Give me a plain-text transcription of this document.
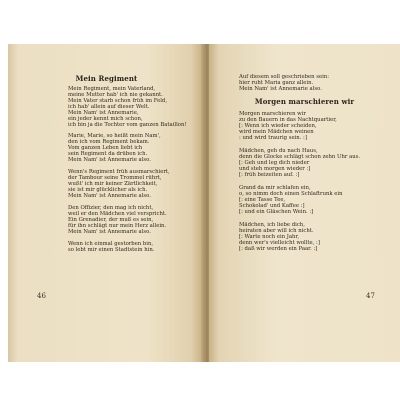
Mein Regiment
Mein Regiment, mein Vaterland,
meine Mutter hab' ich nie gekannt.
Mein Vater starb schon früh im Feld,
ich hab' allein auf dieser Welt.
Mein Nam' ist Annemarie,
ein jeder kennt mich schon,
ich bin ja die Tochter vom ganzen Bataillon!
Marie, Marie, so heißt mein Nam',
den ich vom Regiment bekam.
Vom ganzen Leben liebt ich
sein Regiment da drüben ich.
Mein Nam' ist Annemarie also.
Wenn's Regiment früh ausmarschiert,
der Tambour seine Trommel rührt,
wußt' ich mir keiner Zärtlichkeit,
sie ist mir glücklicher als ich.
Mein Nam' ist Annemarie also.
Den Offizier, den mag ich nicht,
weil er den Mädchen viel verspricht.
Ein Grenadier, der muß es sein,
für ihn schlägt nur mein Herz allein.
Mein Nam' ist Annemarie also.
Wenn ich einmal gestorben bin,
so lebt mir einen Stadtstein hin.
46
Auf diesem soll geschrieben sein:
hier ruht Maria ganz allein.
Mein Nam' ist Annemarie also.
Morgen marschieren wir
Morgen marschieren wir
zu den Bauern in das Nachtquartier,
[: Wenn ich wieder scheiden,
wird mein Mädchen weinen
: und wird traurig sein. :]
Mädchen, geh du nach Haus,
denn die Glocke schlägt schon zehn Uhr aus.
[: Geh und leg dich nieder
und steh morgen wieder :]
[: früh beizeiten auf. :]
Grand da mir schlafen ein,
o, so nimm doch einen Schlaftrunk ein
[: eine Tasse Tee,
Schokolad' und Kaffee :]
[: und ein Gläschen Wein. :]
Mädchen, ich liebe dich,
heiraten aber will ich nicht.
[: Warte noch ein Jahr,
denn wer's vielleicht wollte, :]
[: daß wir werden ein Paar. :]
47
